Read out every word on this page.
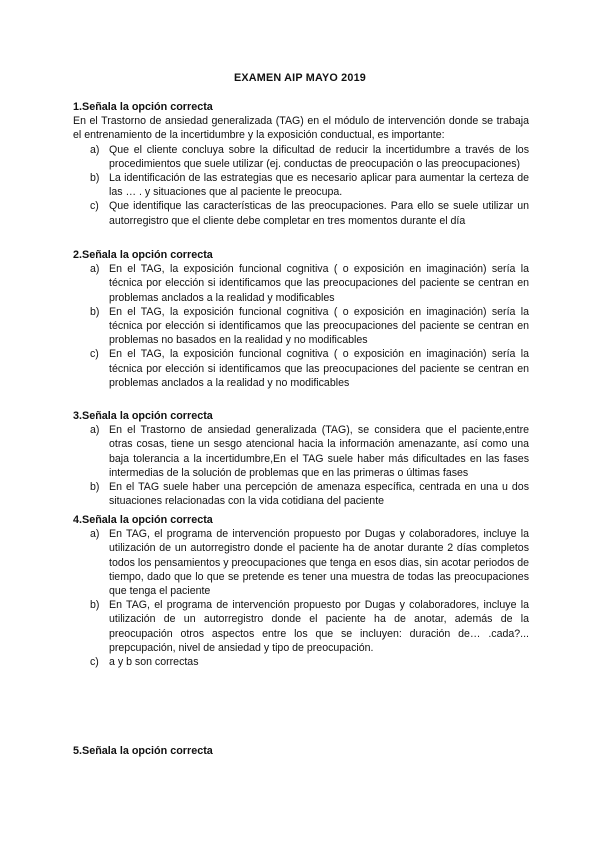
EXAMEN AIP MAYO 2019
1.Señala la opción correcta
En el Trastorno de ansiedad generalizada (TAG) en el módulo de intervención donde se trabaja el entrenamiento de la incertidumbre y la exposición conductual, es importante:
a) Que el cliente concluya sobre la dificultad de reducir la incertidumbre a través de los procedimientos que suele utilizar (ej. conductas de preocupación o las preocupaciones)
b) La identificación de las estrategias que es necesario aplicar para aumentar la certeza de las … . y situaciones que al paciente le preocupa.
c) Que identifique las características de las preocupaciones. Para ello se suele utilizar un autorregistro que el cliente debe completar en tres momentos durante el día
2.Señala la opción correcta
a) En el TAG, la exposición funcional cognitiva ( o exposición en imaginación) sería la técnica por elección si identificamos que las preocupaciones del paciente se centran en problemas anclados a la realidad y modificables
b) En el TAG, la exposición funcional cognitiva ( o exposición en imaginación) sería la técnica por elección si identificamos que las preocupaciones del paciente se centran en problemas no basados en la realidad y no modificables
c) En el TAG, la exposición funcional cognitiva ( o exposición en imaginación) sería la técnica por elección si identificamos que las preocupaciones del paciente se centran en problemas anclados a la realidad y no modificables
3.Señala la opción correcta
a) En el Trastorno de ansiedad generalizada (TAG), se considera que el paciente,entre otras cosas, tiene un sesgo atencional hacia la información amenazante, así como una baja tolerancia a la incertidumbre,En el TAG suele haber más dificultades en las fases intermedias de la solución de problemas que en las primeras o últimas fases
b) En el TAG suele haber una percepción de amenaza específica, centrada en una u dos situaciones relacionadas con la vida cotidiana del paciente
4.Señala la opción correcta
a) En TAG, el programa de intervención propuesto por Dugas y colaboradores, incluye la utilización de un autorregistro donde el paciente ha de anotar durante 2 días completos todos los pensamientos y preocupaciones que tenga en esos dias, sin acotar periodos de tiempo, dado que lo que se pretende es tener una muestra de todas las preocupaciones que tenga el paciente
b) En TAG, el programa de intervención propuesto por Dugas y colaboradores, incluye la utilización de un autorregistro donde el paciente ha de anotar, además de la preocupación otros aspectos entre los que se incluyen: duración de… .cada?... prepcupación, nivel de ansiedad y tipo de preocupación.
c) a y b son correctas
5.Señala la opción correcta
